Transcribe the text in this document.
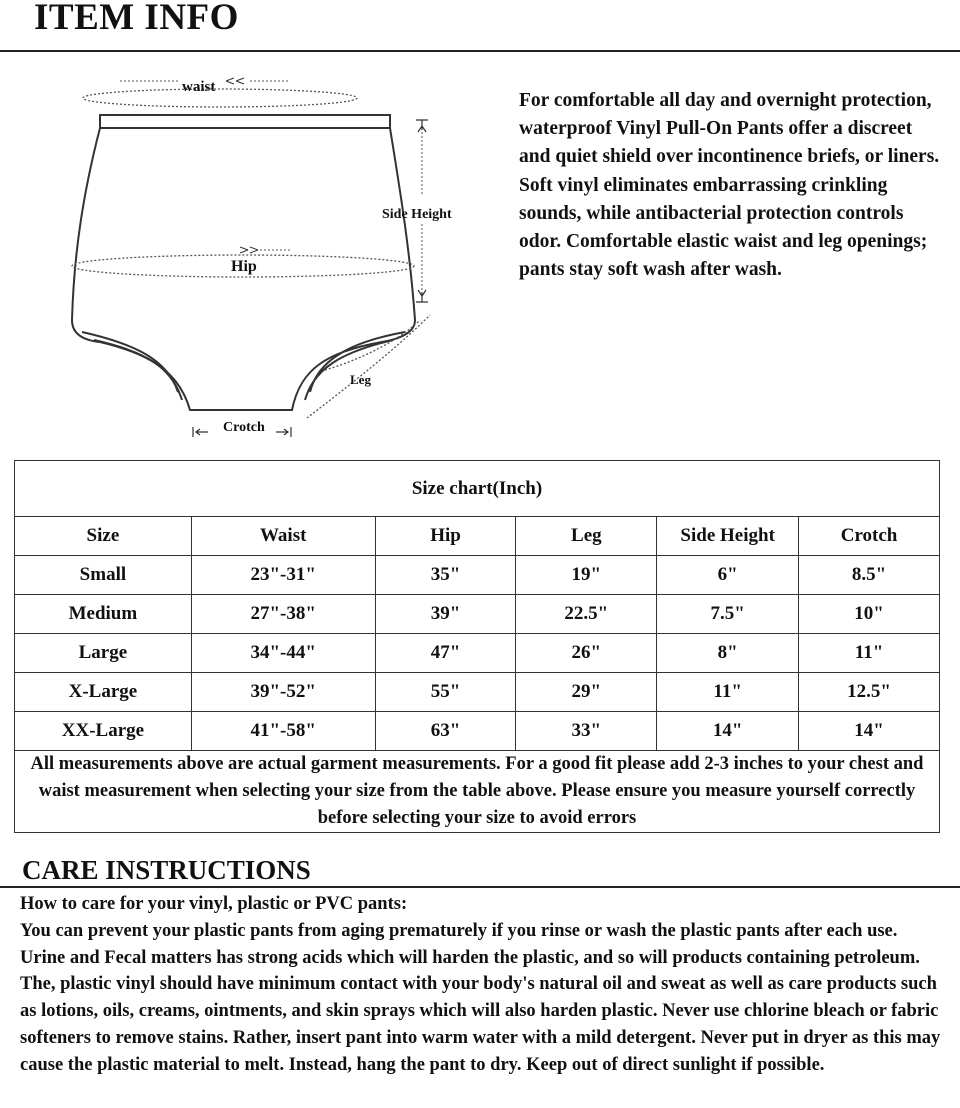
ITEM INFO
waist
Hip
Side Height
Leg
Crotch

For comfortable all day and overnight protection, waterproof Vinyl Pull-On Pants offer a discreet and quiet shield over incontinence briefs, or liners.

Soft vinyl eliminates embarrassing crinkling sounds, while antibacterial protection controls odor. Comfortable elastic waist and leg openings; pants stay soft wash after wash.

Size chart(Inch)					
Size	Waist	Hip	Leg	Side Height	Crotch
Small	23"-31"	35"	19"	6"	8.5"
Medium	27"-38"	39"	22.5"	7.5"	10"
Large	34"-44"	47"	26"	8"	11"
X-Large	39"-52"	55"	29"	11"	12.5"
XX-Large	41"-58"	63"	33"	14"	14"
All measurements above are actual garment measurements. For a good fit please add 2-3 inches to your chest and waist measurement when selecting your size from the table above. Please ensure you measure yourself correctly before selecting your size to avoid errors					
CARE INSTRUCTIONS

How to care for your vinyl, plastic or PVC pants:

You can prevent your plastic pants from aging prematurely if you rinse or wash the plastic pants after each use. Urine and Fecal matters has strong acids which will harden the plastic, and so will products containing petroleum. The, plastic vinyl should have minimum contact with your body's natural oil and sweat as well as care products such as lotions, oils, creams, ointments, and skin sprays which will also harden plastic. Never use chlorine bleach or fabric softeners to remove stains. Rather, insert pant into warm water with a mild detergent. Never put in dryer as this may cause the plastic material to melt. Instead, hang the pant to dry. Keep out of direct sunlight if possible.
